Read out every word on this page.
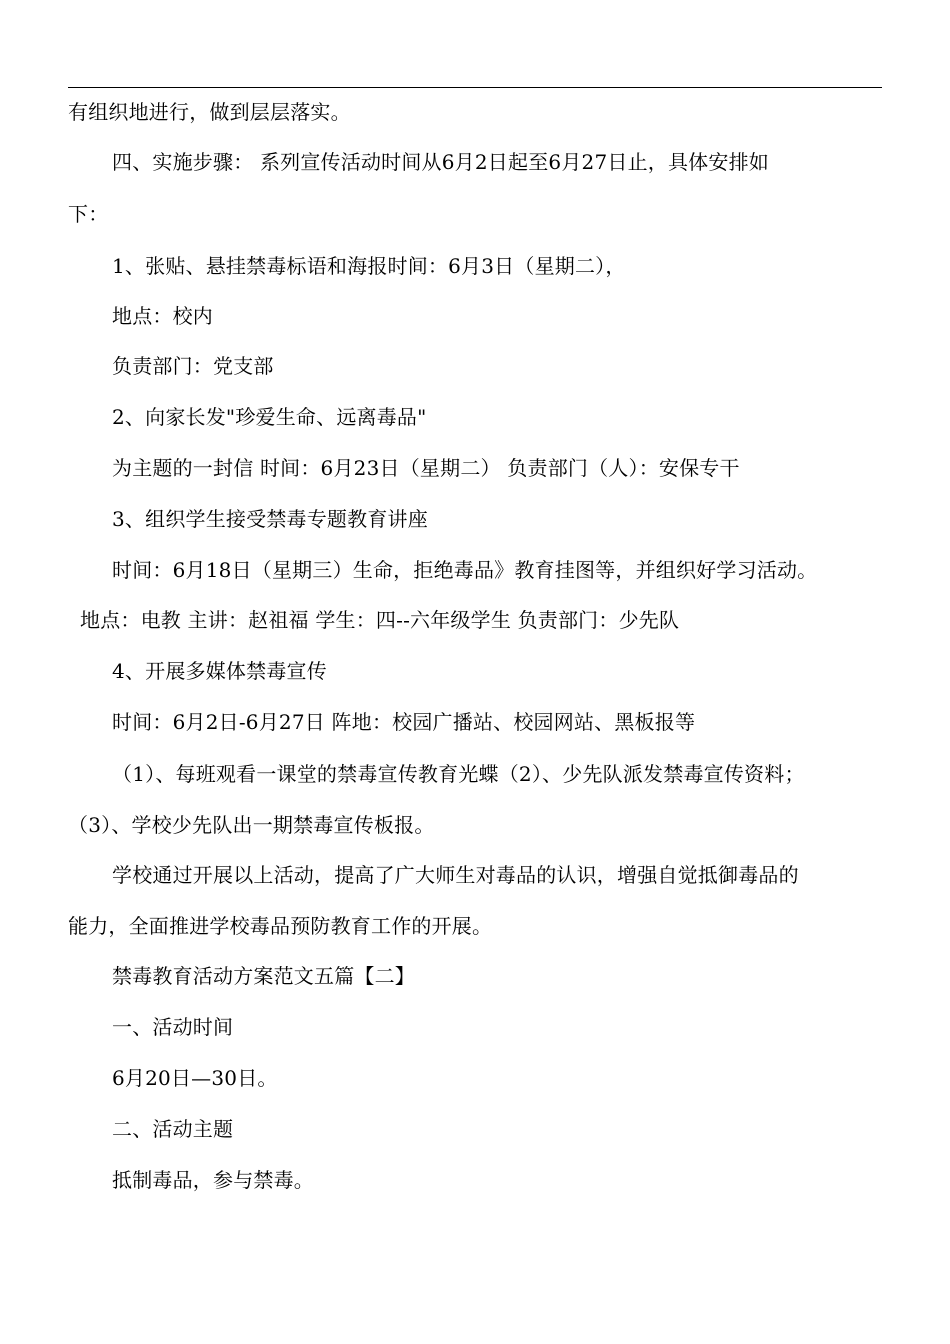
有组织地进行，做到层层落实。
四、实施步骤： 系列宣传活动时间从6月2日起至6月27日止，具体安排如
下：
1、张贴、悬挂禁毒标语和海报时间：6月3日（星期二），
地点：校内
负责部门：党支部
2、向家长发"珍爱生命、远离毒品"
为主题的一封信 时间：6月23日（星期二） 负责部门（人）：安保专干
3、组织学生接受禁毒专题教育讲座
时间：6月18日（星期三）生命，拒绝毒品》教育挂图等，并组织好学习活动。
地点：电教 主讲：赵祖福 学生：四--六年级学生 负责部门：少先队
4、开展多媒体禁毒宣传
时间：6月2日-6月27日 阵地：校园广播站、校园网站、黑板报等
（1）、每班观看一课堂的禁毒宣传教育光蝶（2）、少先队派发禁毒宣传资料；
（3）、学校少先队出一期禁毒宣传板报。
学校通过开展以上活动，提高了广大师生对毒品的认识，增强自觉抵御毒品的
能力，全面推进学校毒品预防教育工作的开展。
禁毒教育活动方案范文五篇【二】
一、活动时间
6月20日—30日。
二、活动主题
抵制毒品，参与禁毒。
